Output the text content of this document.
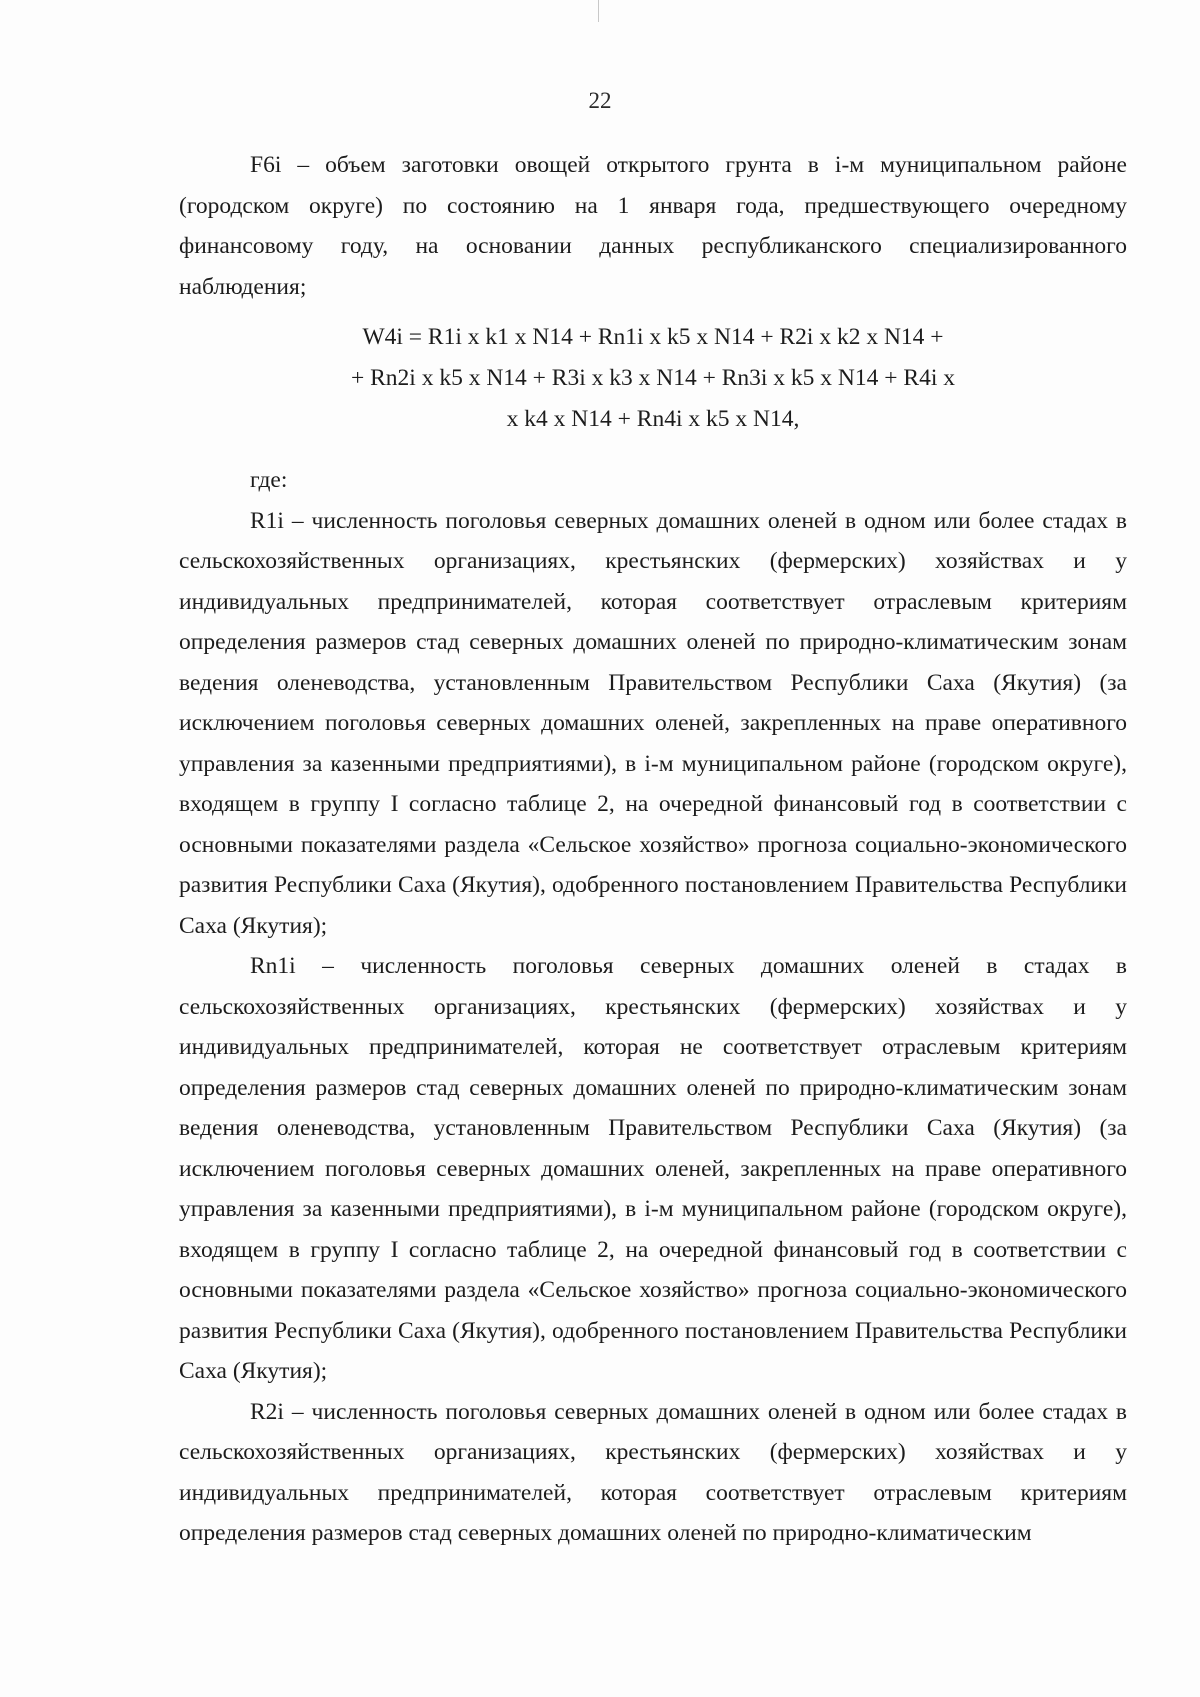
22

F6i – объем заготовки овощей открытого грунта в i-м муниципальном районе (городском округе) по состоянию на 1 января года, предшествующего очередному финансовому году, на основании данных республиканского специализированного наблюдения;

W4i = R1i x k1 x N14 + Rn1i x k5 x N14 + R2i x k2 x N14 +
+ Rn2i x k5 x N14 + R3i x k3 x N14 + Rn3i x k5 x N14 + R4i x
x k4 x N14 + Rn4i x k5 x N14,

где:

R1i – численность поголовья северных домашних оленей в одном или более стадах в сельскохозяйственных организациях, крестьянских (фермерских) хозяйствах и у индивидуальных предпринимателей, которая соответствует отраслевым критериям определения размеров стад северных домашних оленей по природно-климатическим зонам ведения оленеводства, установленным Правительством Республики Саха (Якутия) (за исключением поголовья северных домашних оленей, закрепленных на праве оперативного управления за казенными предприятиями), в i-м муниципальном районе (городском округе), входящем в группу I согласно таблице 2, на очередной финансовый год в соответствии с основными показателями раздела «Сельское хозяйство» прогноза социально-экономического развития Республики Саха (Якутия), одобренного постановлением Правительства Республики Саха (Якутия);

Rn1i – численность поголовья северных домашних оленей в стадах в сельскохозяйственных организациях, крестьянских (фермерских) хозяйствах и у индивидуальных предпринимателей, которая не соответствует отраслевым критериям определения размеров стад северных домашних оленей по природно-климатическим зонам ведения оленеводства, установленным Правительством Республики Саха (Якутия) (за исключением поголовья северных домашних оленей, закрепленных на праве оперативного управления за казенными предприятиями), в i-м муниципальном районе (городском округе), входящем в группу I согласно таблице 2, на очередной финансовый год в соответствии с основными показателями раздела «Сельское хозяйство» прогноза социально-экономического развития Республики Саха (Якутия), одобренного постановлением Правительства Республики Саха (Якутия);

R2i – численность поголовья северных домашних оленей в одном или более стадах в сельскохозяйственных организациях, крестьянских (фермерских) хозяйствах и у индивидуальных предпринимателей, которая соответствует отраслевым критериям определения размеров стад северных домашних оленей по природно-климатическим
